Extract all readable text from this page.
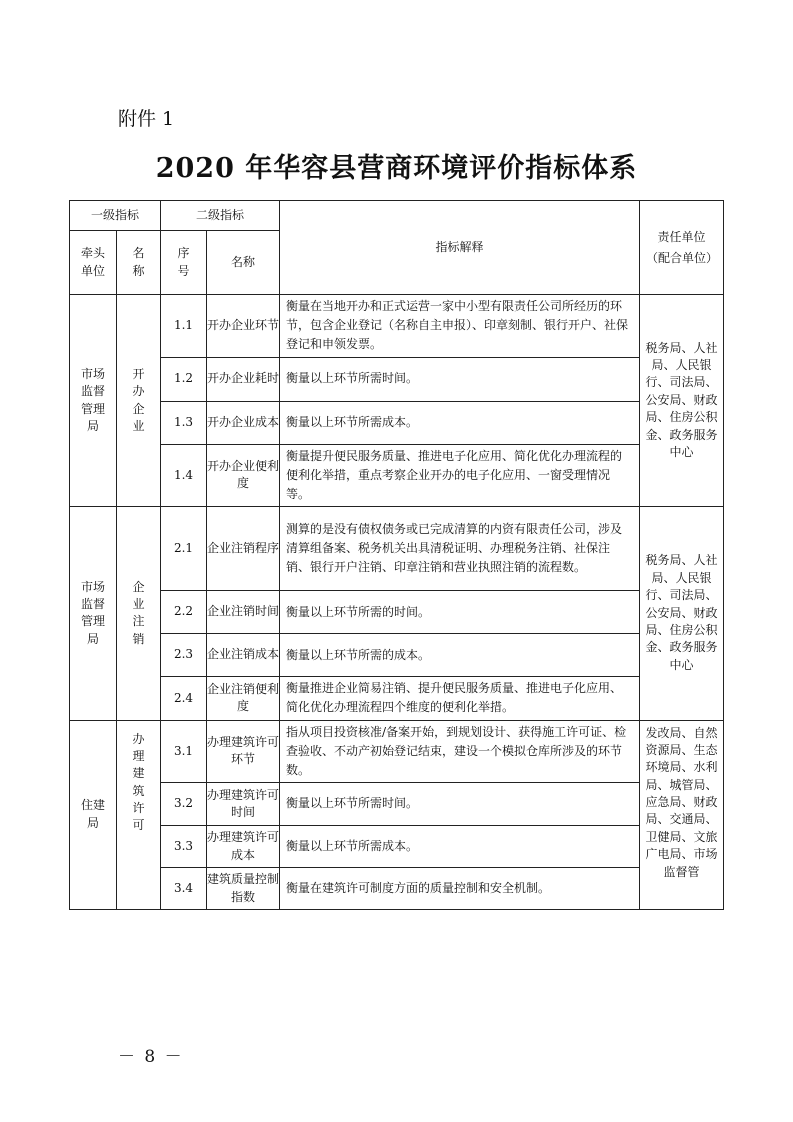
附件 1
2020 年华容县营商环境评价指标体系
一级指标		二级指标		指标解释	责任单位（配合单位）
牵头单位	名称	序号	名称		
市场监督管理局	开办企业	1.1	开办企业环节	衡量在当地开办和正式运营一家中小型有限责任公司所经历的环节，包含企业登记（名称自主申报）、印章刻制、银行开户、社保登记和申领发票。	税务局、人社局、人民银行、司法局、公安局、财政局、住房公积金、政务服务中心
		1.2	开办企业耗时	衡量以上环节所需时间。	
		1.3	开办企业成本	衡量以上环节所需成本。	
		1.4	开办企业便利度	衡量提升便民服务质量、推进电子化应用、简化优化办理流程的便利化举措，重点考察企业开办的电子化应用、一窗受理情况等。	
市场监督管理局	企业注销	2.1	企业注销程序	测算的是没有债权债务或已完成清算的内资有限责任公司，涉及清算组备案、税务机关出具清税证明、办理税务注销、社保注销、银行开户注销、印章注销和营业执照注销的流程数。	税务局、人社局、人民银行、司法局、公安局、财政局、住房公积金、政务服务中心
		2.2	企业注销时间	衡量以上环节所需的时间。	
		2.3	企业注销成本	衡量以上环节所需的成本。	
		2.4	企业注销便利度	衡量推进企业简易注销、提升便民服务质量、推进电子化应用、简化优化办理流程四个维度的便利化举措。	
住建局	办理建筑许可	3.1	办理建筑许可环节	指从项目投资核准/备案开始，到规划设计、获得施工许可证、检查验收、不动产初始登记结束，建设一个模拟仓库所涉及的环节数。	发改局、自然资源局、生态环境局、水利局、城管局、应急局、财政局、交通局、卫健局、文旅广电局、市场监督管

		3.2	办理建筑许可时间	衡量以上环节所需时间。	
		3.3	办理建筑许可成本	衡量以上环节所需成本。	
		3.4	建筑质量控制指数	衡量在建筑许可制度方面的质量控制和安全机制。	
－ 8 －
